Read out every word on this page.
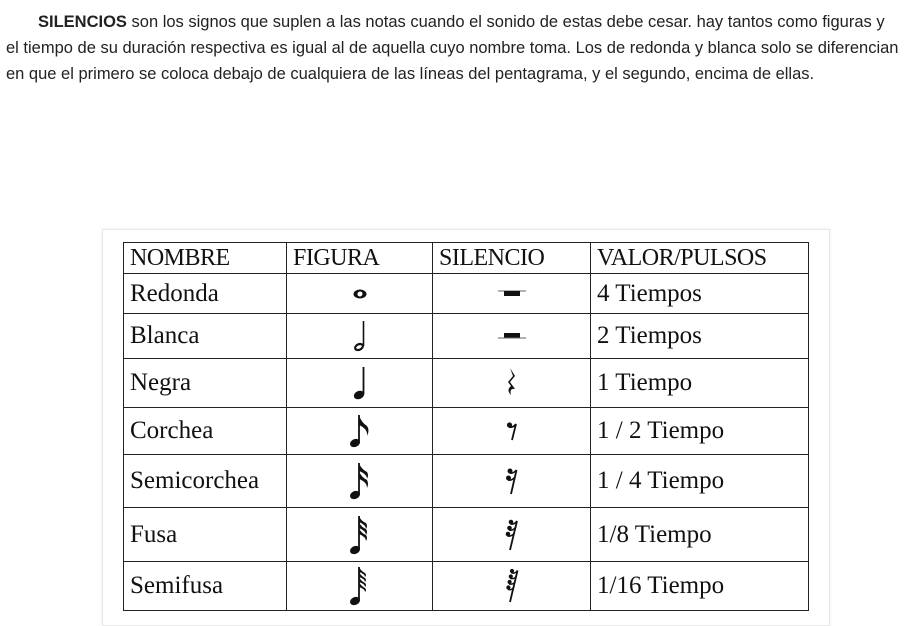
SILENCIOS son los signos que suplen a las notas cuando el sonido de estas debe cesar. hay tantos como figuras y el tiempo de su duración respectiva es igual al de aquella cuyo nombre toma. Los de redonda y blanca solo se diferencian en que el primero se coloca debajo de cualquiera de las líneas del pentagrama, y el segundo, encima de ellas.

NOMBRE	FIGURA	SILENCIO	VALOR/PULSOS
Redonda			4 Tiempos
Blanca			2 Tiempos
Negra			1 Tiempo
Corchea			1 / 2 Tiempo
Semicorchea			1 / 4 Tiempo
Fusa			1/8 Tiempo
Semifusa			1/16 Tiempo
